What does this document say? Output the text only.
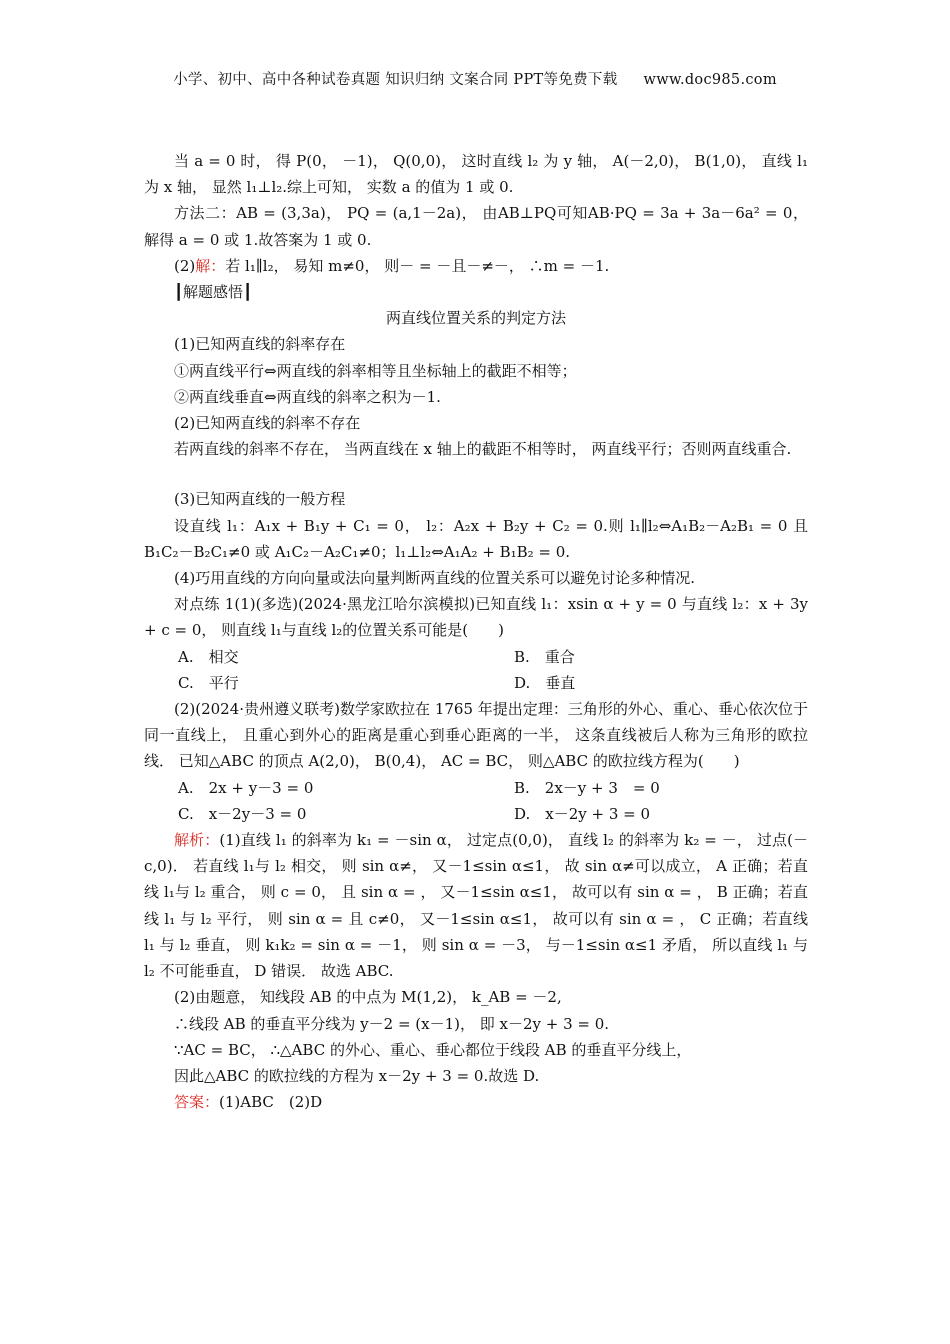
小学、初中、高中各种试卷真题 知识归纳 文案合同 PPT等免费下载 www.doc985.com

当 a = 0 时， 得 P(0， －1)， Q(0,0)， 这时直线 l₂ 为 y 轴， A(－2,0)， B(1,0)， 直线 l₁ 为 x 轴， 显然 l₁⊥l₂.综上可知， 实数 a 的值为 1 或 0.

方法二：AB = (3,3a)， PQ = (a,1－2a)， 由AB⊥PQ可知AB·PQ = 3a + 3a－6a² = 0， 解得 a = 0 或 1.故答案为 1 或 0.

(2)解：若 l₁∥l₂， 易知 m≠0， 则－ = －且－≠－， ∴m = －1.

┃解题感悟┃

两直线位置关系的判定方法

(1)已知两直线的斜率存在

①两直线平行⇔两直线的斜率相等且坐标轴上的截距不相等；

②两直线垂直⇔两直线的斜率之积为－1.

(2)已知两直线的斜率不存在

若两直线的斜率不存在， 当两直线在 x 轴上的截距不相等时， 两直线平行；否则两直线重合.

(3)已知两直线的一般方程

设直线 l₁：A₁x + B₁y + C₁ = 0， l₂：A₂x + B₂y + C₂ = 0.则 l₁∥l₂⇔A₁B₂－A₂B₁ = 0 且 B₁C₂－B₂C₁≠0 或 A₁C₂－A₂C₁≠0；l₁⊥l₂⇔A₁A₂ + B₁B₂ = 0.

(4)巧用直线的方向向量或法向量判断两直线的位置关系可以避免讨论多种情况.

对点练 1(1)(多选)(2024·黑龙江哈尔滨模拟)已知直线 l₁：xsin α + y = 0 与直线 l₂：x + 3y + c = 0， 则直线 l₁与直线 l₂的位置关系可能是(　　)

A.　相交	B.　重合
C.　平行	D.　垂直

(2)(2024·贵州遵义联考)数学家欧拉在 1765 年提出定理：三角形的外心、重心、垂心依次位于同一直线上， 且重心到外心的距离是重心到垂心距离的一半， 这条直线被后人称为三角形的欧拉线． 已知△ABC 的顶点 A(2,0)， B(0,4)， AC = BC， 则△ABC 的欧拉线方程为(　　)

A.　2x + y－3 = 0	B.　2x－y + 3　= 0
C.　x－2y－3 = 0	D.　x－2y + 3 = 0

解析：(1)直线 l₁ 的斜率为 k₁ = －sin α， 过定点(0,0)， 直线 l₂ 的斜率为 k₂ = －， 过点(－c,0)． 若直线 l₁与 l₂ 相交， 则 sin α≠， 又－1≤sin α≤1， 故 sin α≠可以成立， A 正确；若直线 l₁与 l₂ 重合， 则 c = 0， 且 sin α = ， 又－1≤sin α≤1， 故可以有 sin α = ， B 正确；若直线 l₁ 与 l₂ 平行， 则 sin α = 且 c≠0， 又－1≤sin α≤1， 故可以有 sin α = ， C 正确；若直线 l₁ 与 l₂ 垂直， 则 k₁k₂ = sin α = －1， 则 sin α = －3， 与－1≤sin α≤1 矛盾， 所以直线 l₁ 与 l₂ 不可能垂直， D 错误． 故选 ABC.

(2)由题意， 知线段 AB 的中点为 M(1,2)， k_AB = －2,

∴线段 AB 的垂直平分线为 y－2 = (x－1)， 即 x－2y + 3 = 0.

∵AC = BC， ∴△ABC 的外心、重心、垂心都位于线段 AB 的垂直平分线上，

因此△ABC 的欧拉线的方程为 x－2y + 3 = 0.故选 D.

答案：(1)ABC　(2)D
